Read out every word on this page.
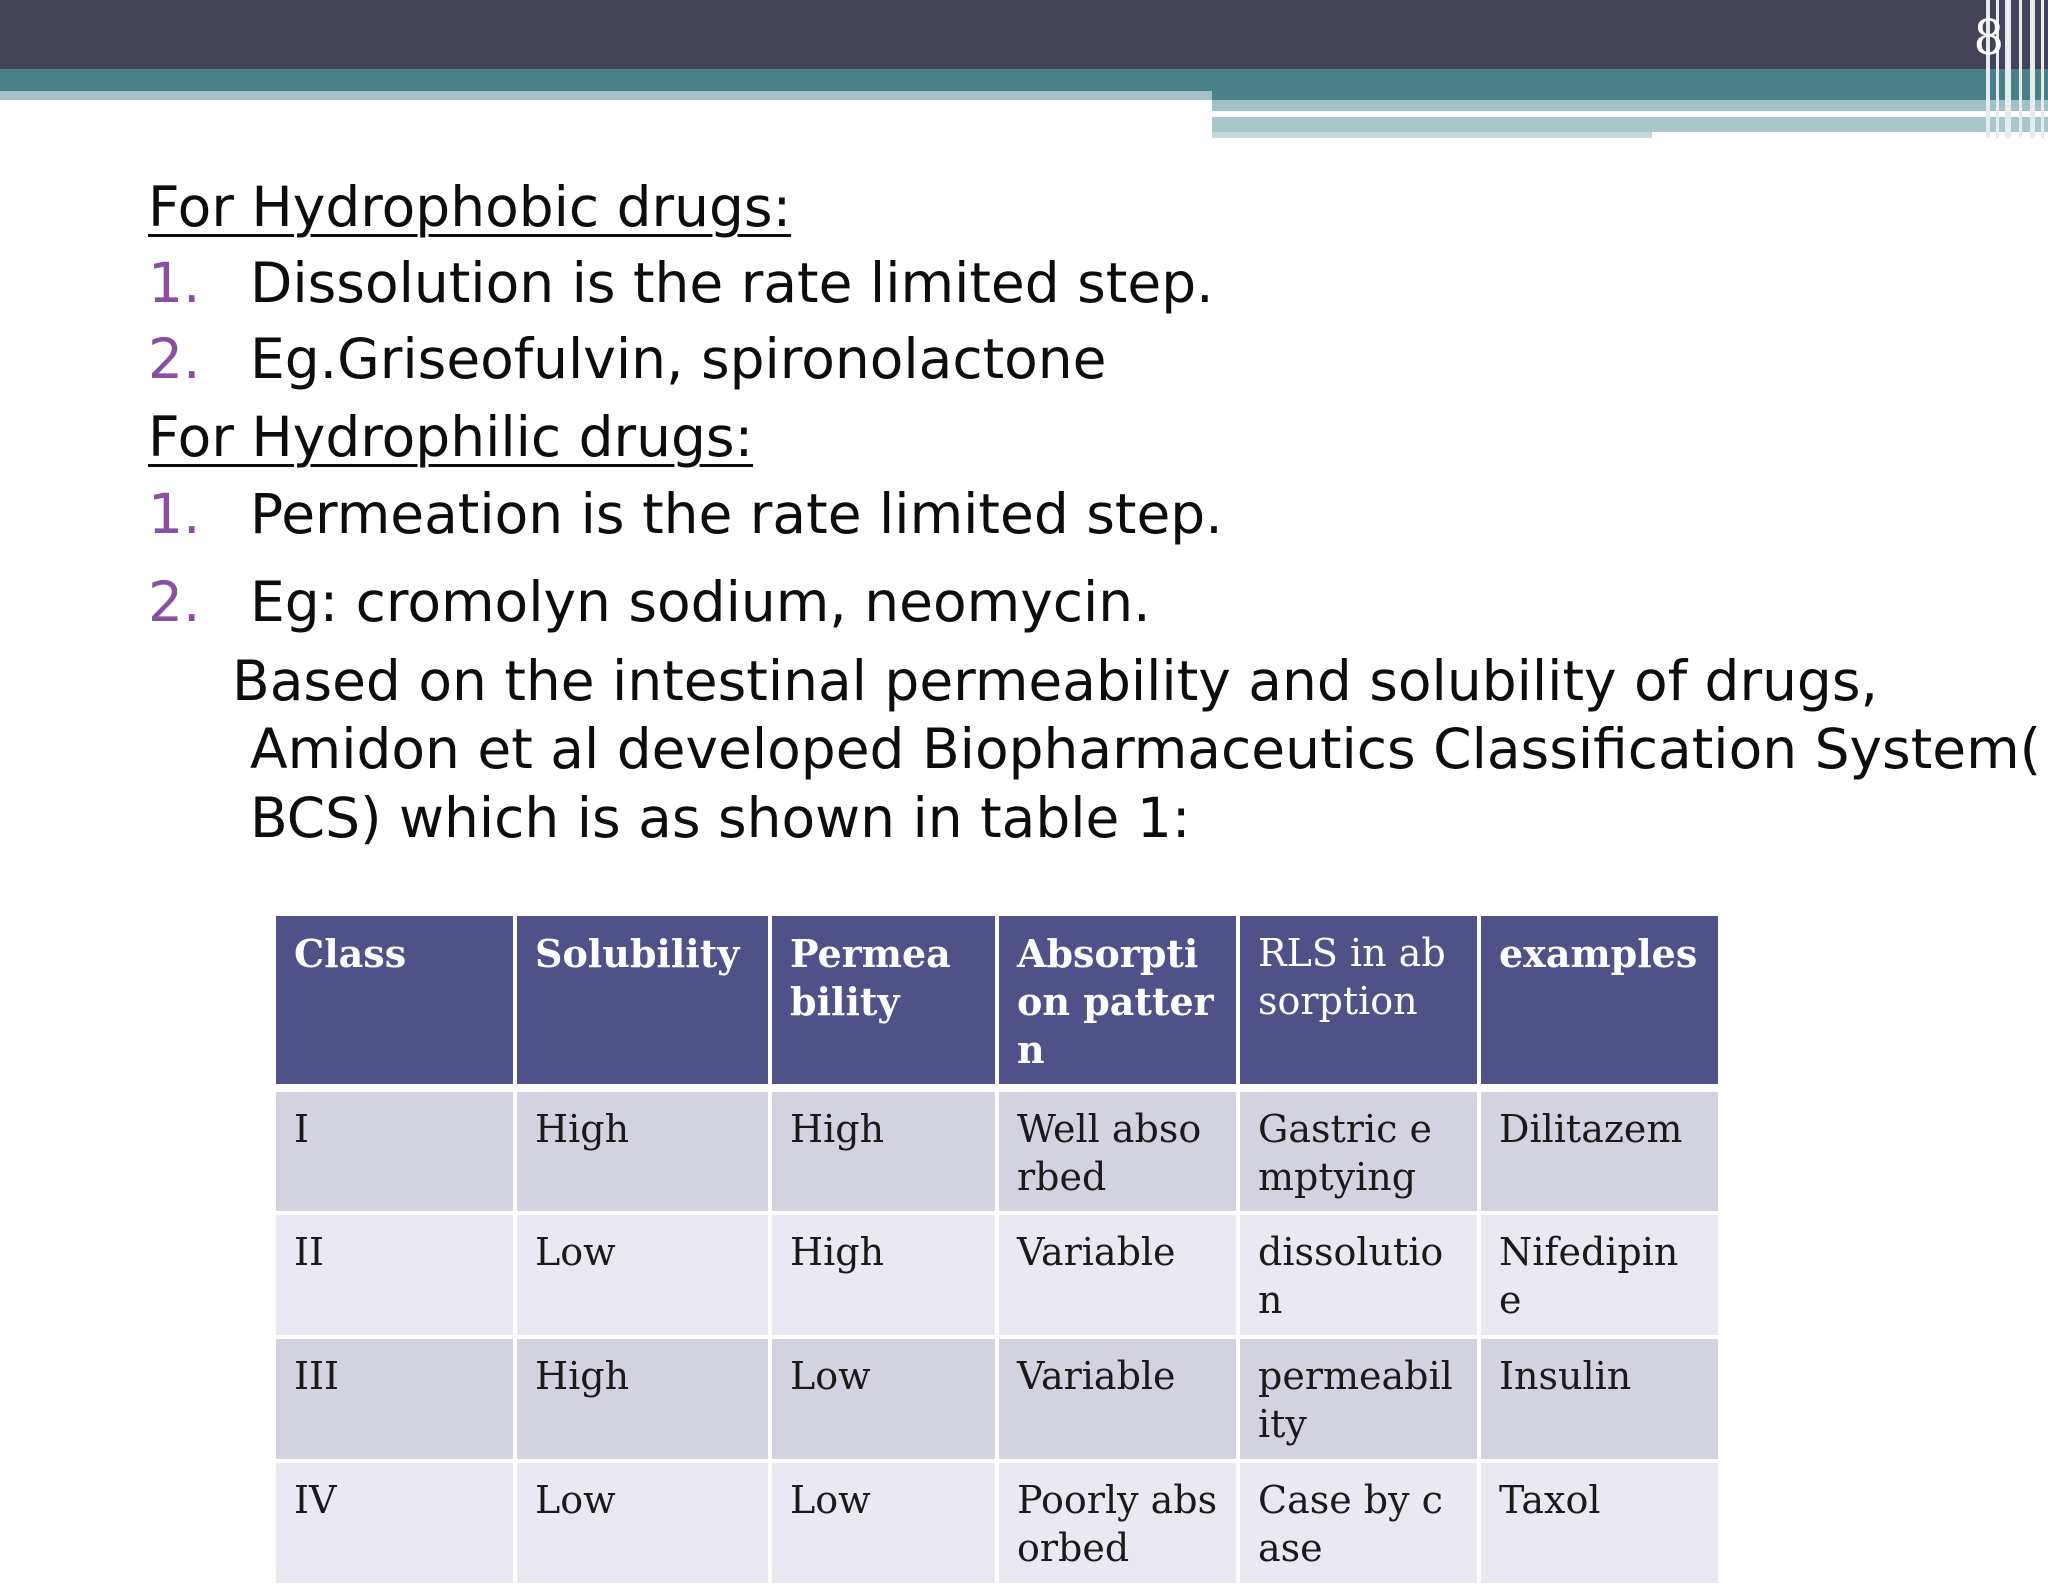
8
For Hydrophobic drugs:
1. Dissolution is the rate limited step.
2. Eg.Griseofulvin, spironolactone
For Hydrophilic drugs:
1. Permeation is the rate limited step.
2. Eg: cromolyn sodium, neomycin.
Based on the intestinal permeability and solubility of drugs,
Amidon et al developed Biopharmaceutics Classification System(
BCS) which is as shown in table 1:
Class	Solubility	Permeability	Absorption pattern	RLS in absorption	examples
I	High	High	Well absorbed	Gastric emptying	Dilitazem
II	Low	High	Variable	dissolution	Nifedipine
III	High	Low	Variable	permeability	Insulin
IV	Low	Low	Poorly absorbed	Case by case	Taxol
